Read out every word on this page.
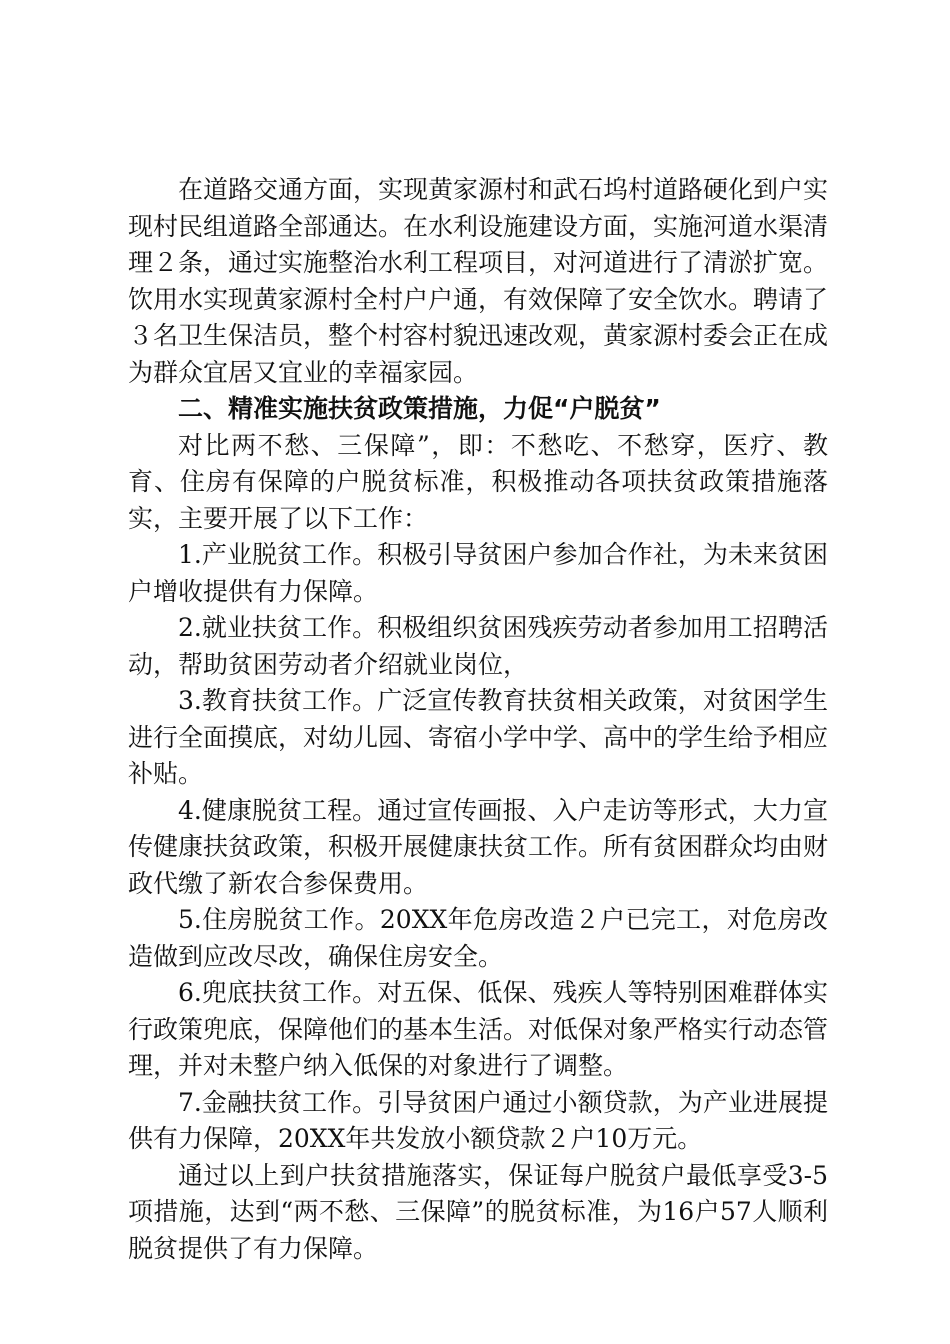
在道路交通方面，实现黄家源村和武石坞村道路硬化到户实现村民组道路全部通达。在水利设施建设方面，实施河道水渠清理２条，通过实施整治水利工程项目，对河道进行了清淤扩宽。饮用水实现黄家源村全村户户通，有效保障了安全饮水。聘请了３名卫生保洁员，整个村容村貌迅速改观，黄家源村委会正在成为群众宜居又宜业的幸福家园。

二、精准实施扶贫政策措施，力促“户脱贫”

对比两不愁、三保障”，即：不愁吃、不愁穿，医疗、教育、住房有保障的户脱贫标准，积极推动各项扶贫政策措施落实，主要开展了以下工作：

1.产业脱贫工作。积极引导贫困户参加合作社，为未来贫困户增收提供有力保障。

2.就业扶贫工作。积极组织贫困残疾劳动者参加用工招聘活动，帮助贫困劳动者介绍就业岗位，

3.教育扶贫工作。广泛宣传教育扶贫相关政策，对贫困学生进行全面摸底，对幼儿园、寄宿小学中学、高中的学生给予相应补贴。

4.健康脱贫工程。通过宣传画报、入户走访等形式，大力宣传健康扶贫政策，积极开展健康扶贫工作。所有贫困群众均由财政代缴了新农合参保费用。

5.住房脱贫工作。20XX年危房改造２户已完工，对危房改造做到应改尽改，确保住房安全。

6.兜底扶贫工作。对五保、低保、残疾人等特别困难群体实行政策兜底，保障他们的基本生活。对低保对象严格实行动态管理，并对未整户纳入低保的对象进行了调整。

7.金融扶贫工作。引导贫困户通过小额贷款，为产业进展提供有力保障，20XX年共发放小额贷款２户10万元。

通过以上到户扶贫措施落实，保证每户脱贫户最低享受3-5项措施，达到“两不愁、三保障”的脱贫标准，为16户57人顺利脱贫提供了有力保障。
